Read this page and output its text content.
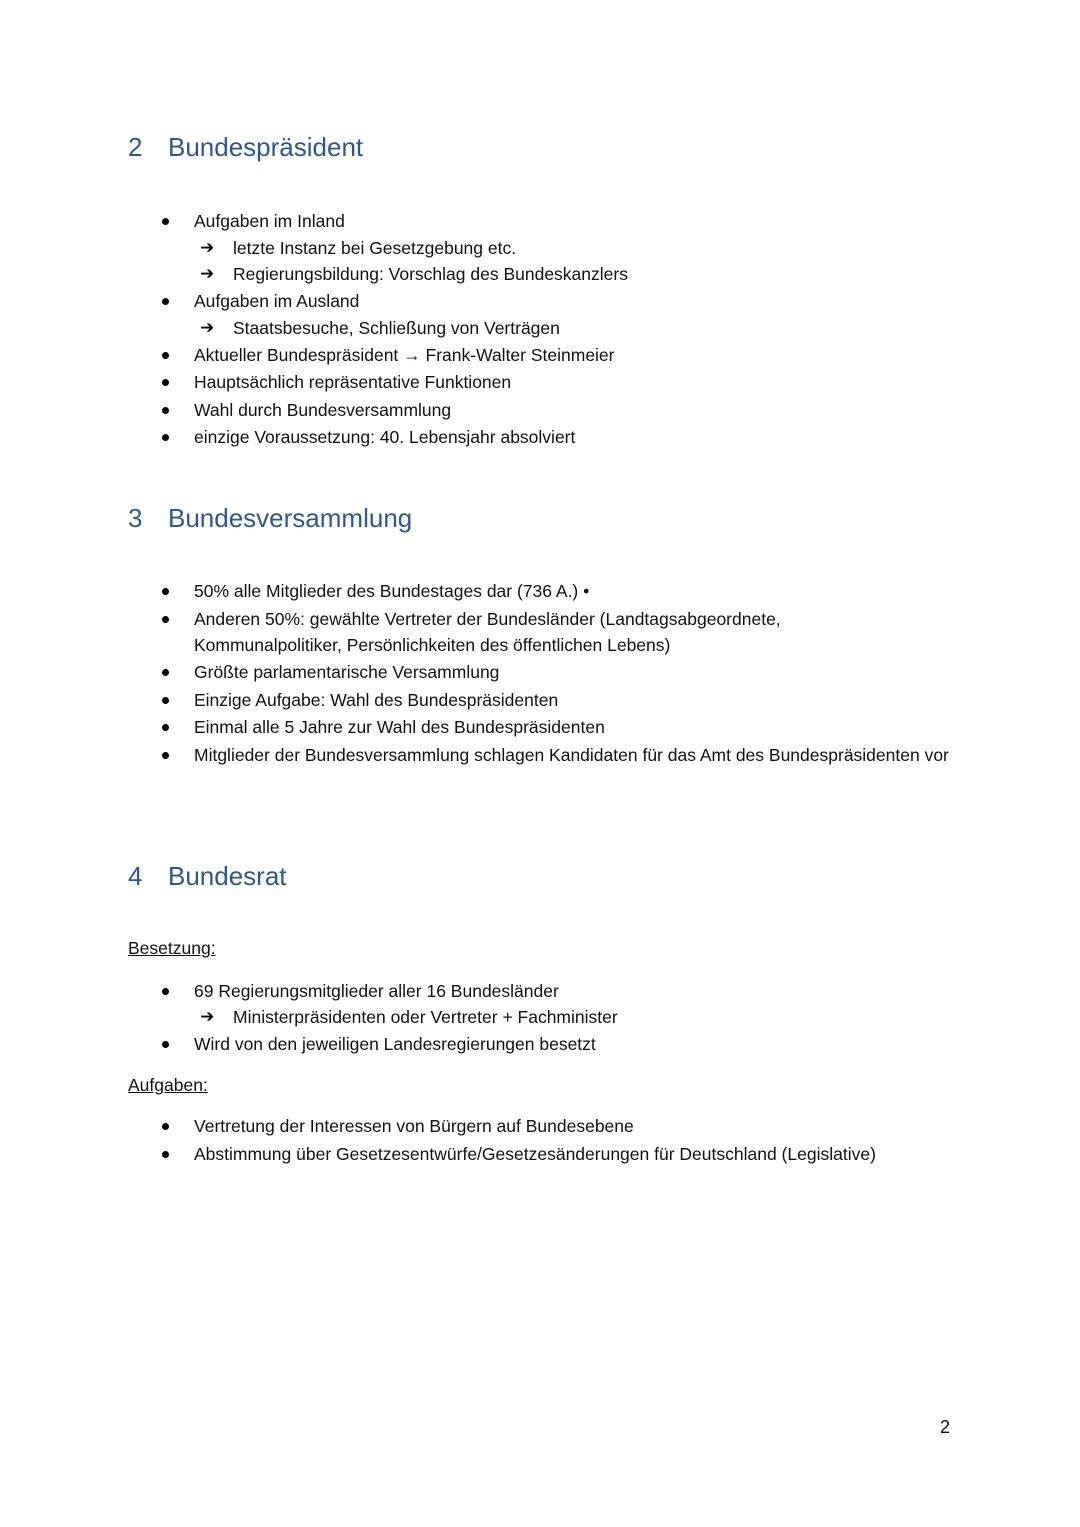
2 Bundespräsident
Aufgaben im Inland
➔ letzte Instanz bei Gesetzgebung etc.
➔ Regierungsbildung: Vorschlag des Bundeskanzlers
Aufgaben im Ausland
➔ Staatsbesuche, Schließung von Verträgen
Aktueller Bundespräsident → Frank-Walter Steinmeier
Hauptsächlich repräsentative Funktionen
Wahl durch Bundesversammlung
einzige Voraussetzung: 40. Lebensjahr absolviert
3 Bundesversammlung
50% alle Mitglieder des Bundestages dar (736 A.) •
Anderen 50%: gewählte Vertreter der Bundesländer (Landtagsabgeordnete, Kommunalpolitiker, Persönlichkeiten des öffentlichen Lebens)
Größte parlamentarische Versammlung
Einzige Aufgabe: Wahl des Bundespräsidenten
Einmal alle 5 Jahre zur Wahl des Bundespräsidenten
Mitglieder der Bundesversammlung schlagen Kandidaten für das Amt des Bundespräsidenten vor
4 Bundesrat
Besetzung:
69 Regierungsmitglieder aller 16 Bundesländer
➔ Ministerpräsidenten oder Vertreter + Fachminister
Wird von den jeweiligen Landesregierungen besetzt
Aufgaben:
Vertretung der Interessen von Bürgern auf Bundesebene
Abstimmung über Gesetzesentwürfe/Gesetzesänderungen für Deutschland (Legislative)
2
